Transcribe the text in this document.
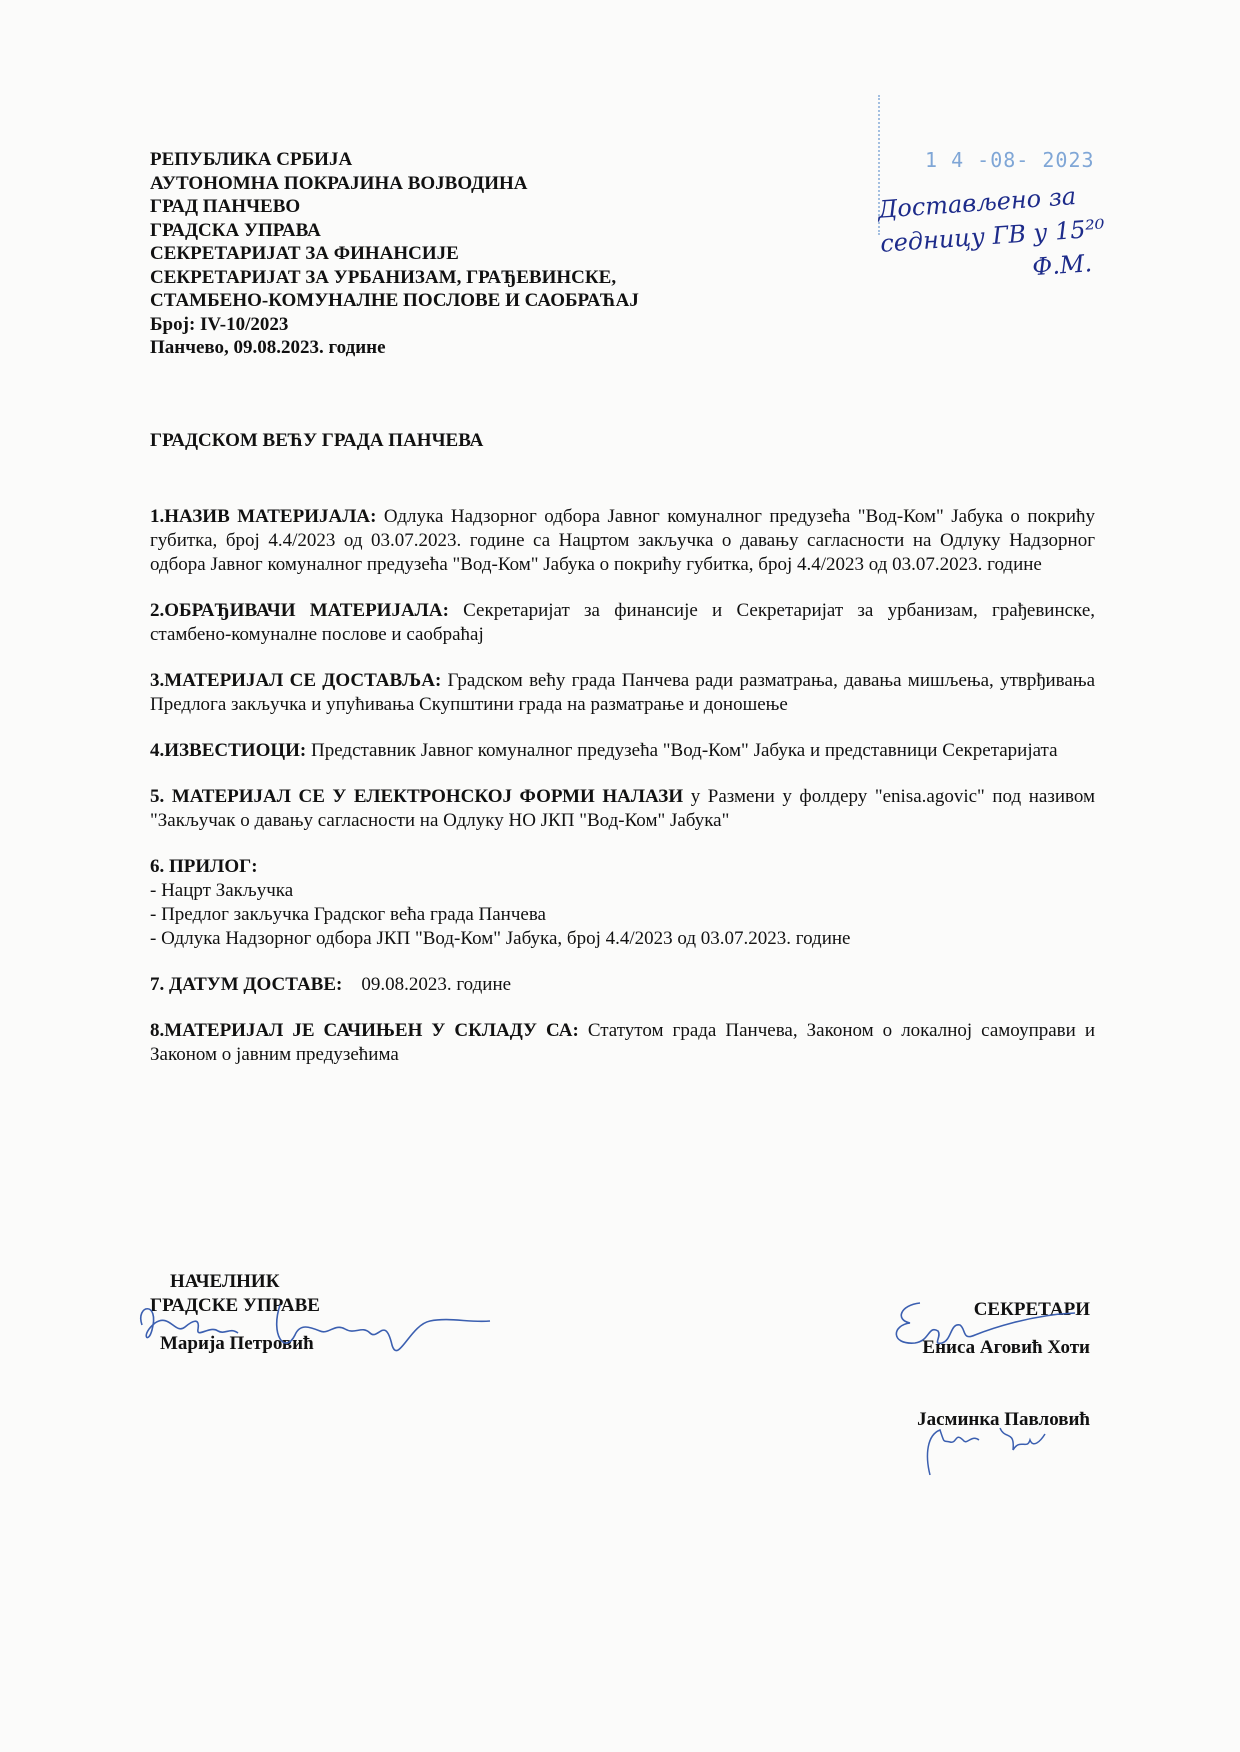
1 4 -08- 2023
Достављено за
седницу ГВ у 15²⁰
Ф.М.
РЕПУБЛИКА СРБИЈА
АУТОНОМНА ПОКРАЈИНА ВОЈВОДИНА
ГРАД ПАНЧЕВО
ГРАДСКА УПРАВА
СЕКРЕТАРИЈАТ ЗА ФИНАНСИЈЕ
СЕКРЕТАРИЈАТ ЗА УРБАНИЗАМ, ГРАЂЕВИНСКЕ,
СТАМБЕНО-КОМУНАЛНЕ ПОСЛОВЕ И САОБРАЋАЈ
Број: IV-10/2023
Панчево, 09.08.2023. године
ГРАДСКОМ ВЕЋУ ГРАДА ПАНЧЕВА
1.НАЗИВ МАТЕРИЈАЛА: Одлука Надзорног одбора Јавног комуналног предузећа "Вод-Ком" Јабука о покрићу губитка, број 4.4/2023 од 03.07.2023. године са Нацртом закључка о давању сагласности на Одлуку Надзорног одбора Јавног комуналног предузећа "Вод-Ком" Јабука о покрићу губитка, број 4.4/2023 од 03.07.2023. године
2.ОБРАЂИВАЧИ МАТЕРИЈАЛА: Секретаријат за финансије и Секретаријат за урбанизам, грађевинске, стамбено-комуналне послове и саобраћај
3.МАТЕРИЈАЛ СЕ ДОСТАВЉА: Градском већу града Панчева ради разматрања, давања мишљења, утврђивања Предлога закључка и упућивања Скупштини града на разматрање и доношење
4.ИЗВЕСТИОЦИ: Представник Јавног комуналног предузећа "Вод-Ком" Јабука и представници Секретаријата
5. МАТЕРИЈАЛ СЕ У ЕЛЕКТРОНСКОЈ ФОРМИ НАЛАЗИ у Размени у фолдеру "enisa.agovic" под називом "Закључак о давању сагласности на Одлуку НО ЈКП "Вод-Ком" Јабука"
6. ПРИЛОГ:
- Нацрт Закључка
- Предлог закључка Градског већа града Панчева
- Одлука Надзорног одбора ЈКП "Вод-Ком" Јабука, број 4.4/2023 од 03.07.2023. године
7. ДАТУМ ДОСТАВЕ:    09.08.2023. године
8.МАТЕРИЈАЛ ЈЕ САЧИЊЕН У СКЛАДУ СА: Статутом града Панчева, Законом о локалној самоуправи и Законом о јавним предузећима
НАЧЕЛНИК
ГРАДСКЕ УПРАВЕ
Марија Петровић
СЕКРЕТАРИ
Ениса Аговић Хоти
Јасминка Павловић
